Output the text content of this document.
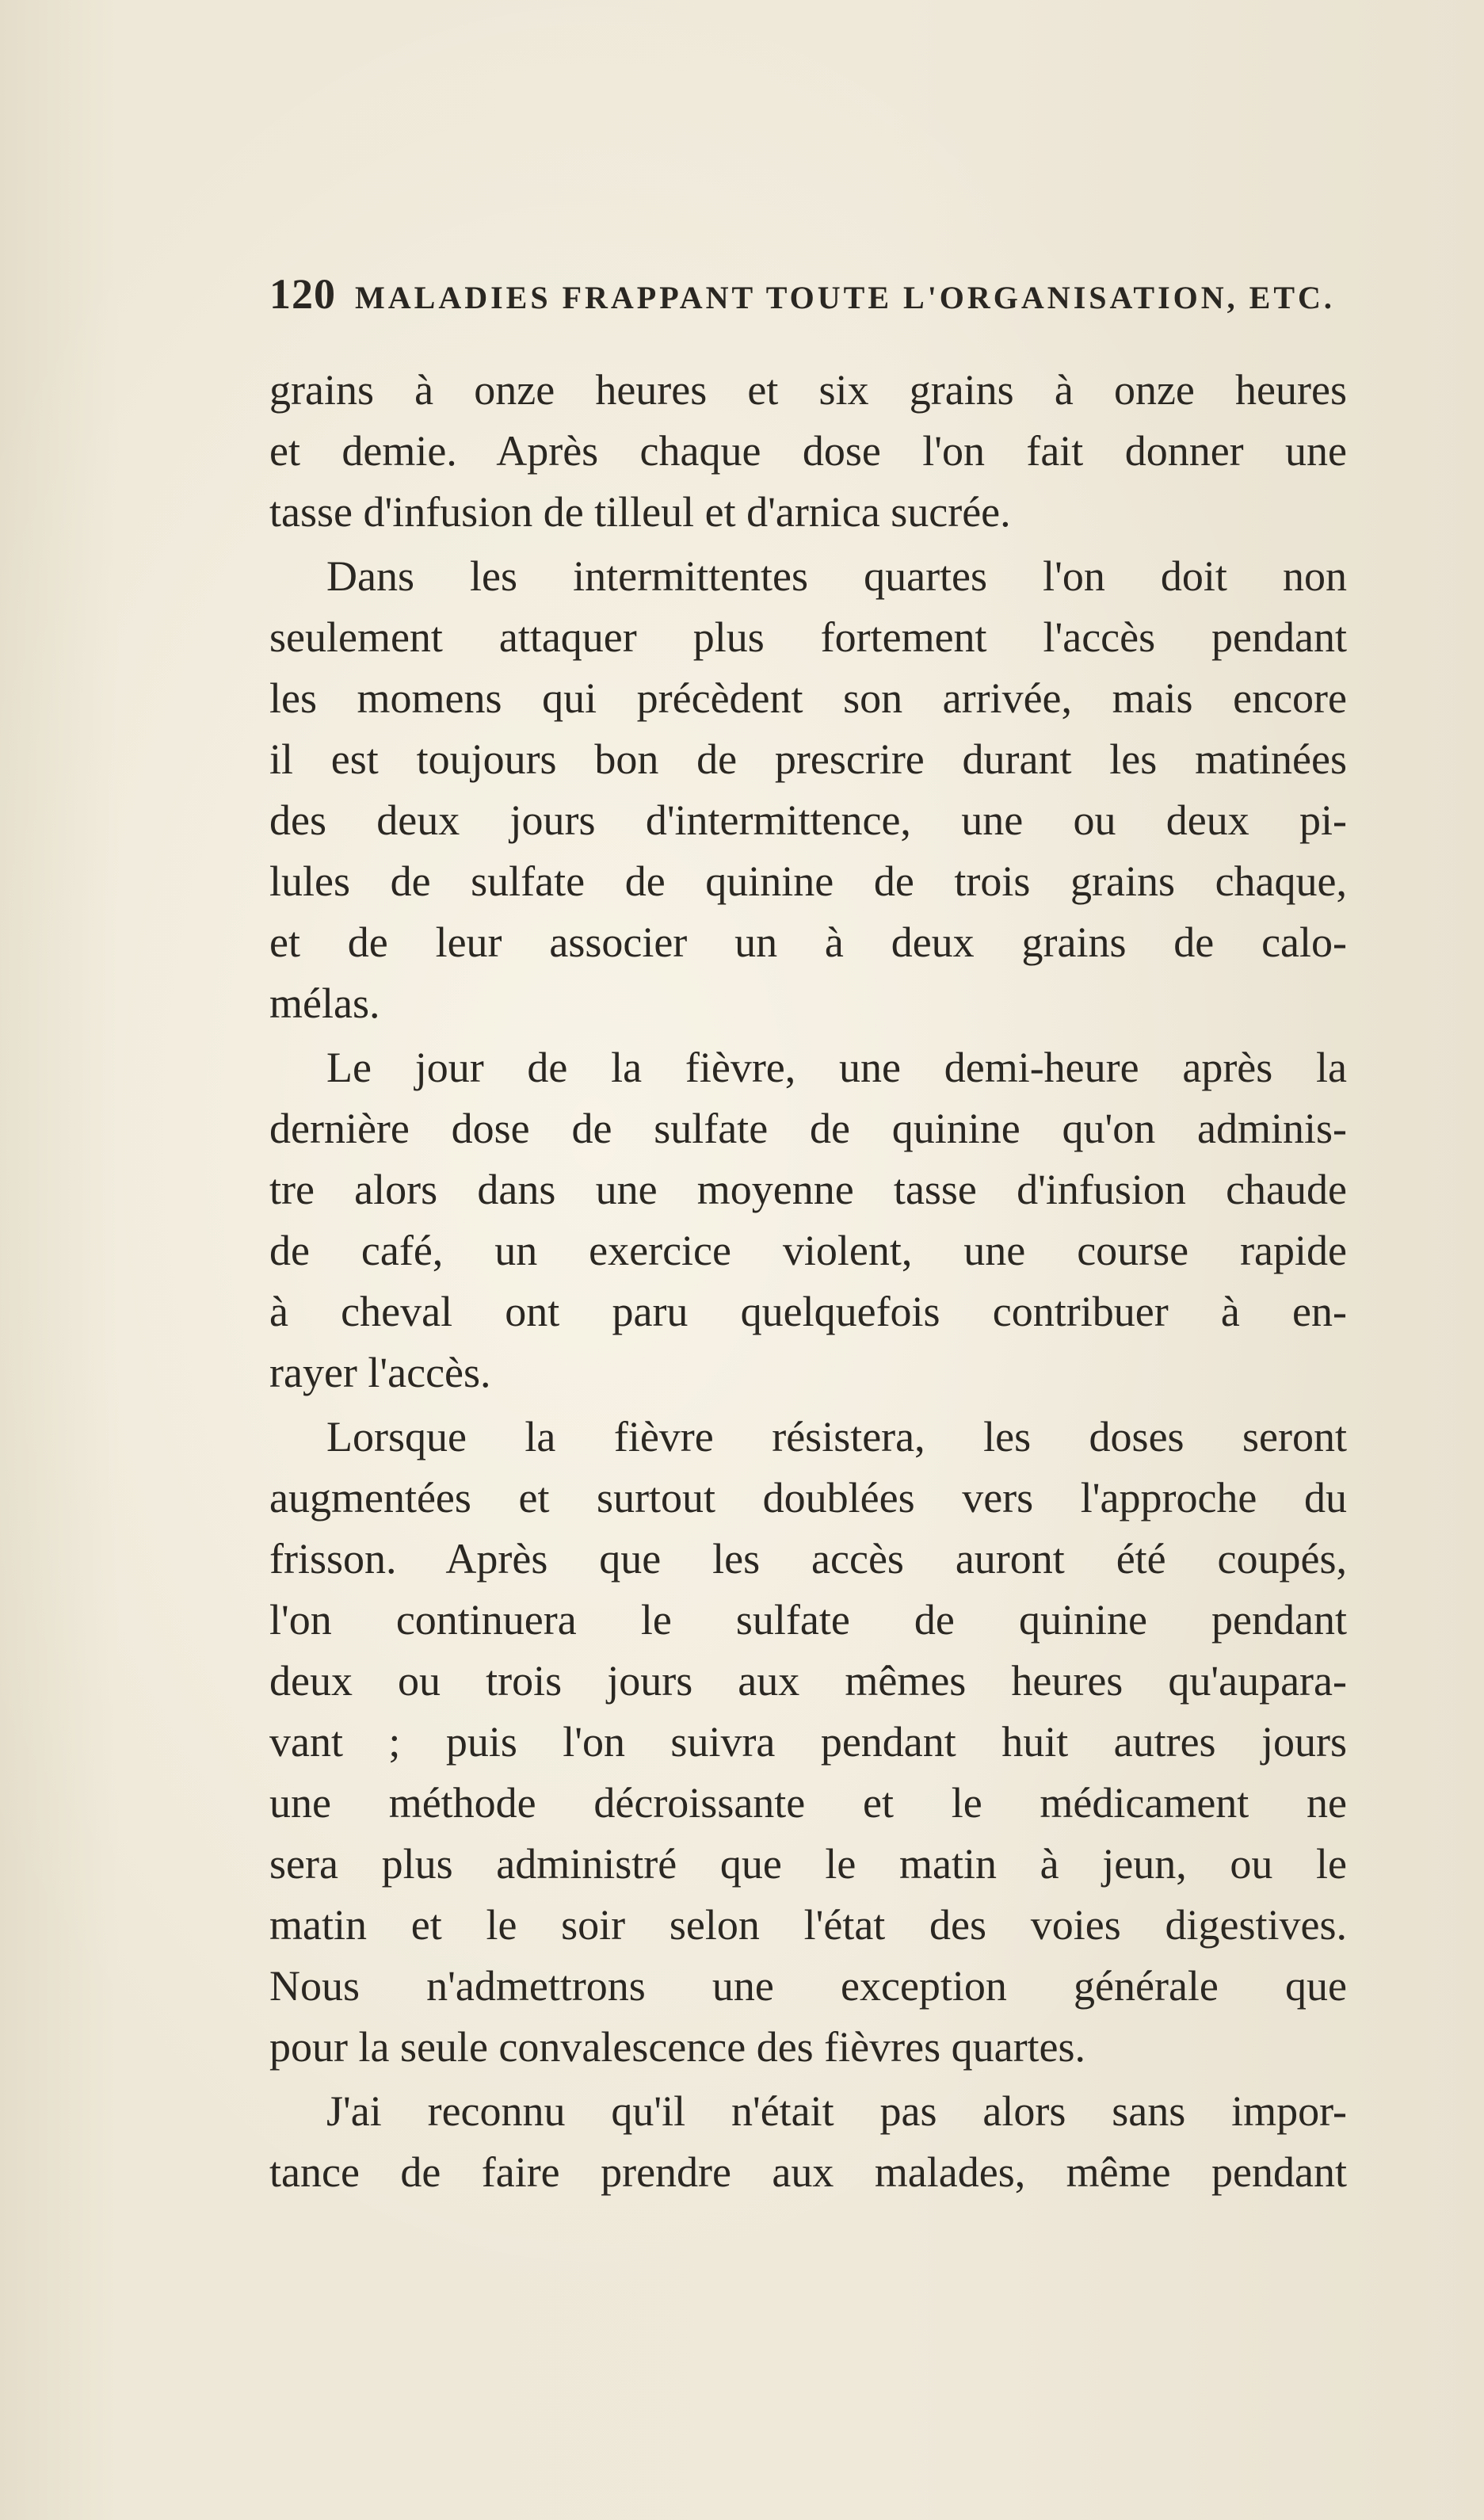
120 MALADIES FRAPPANT TOUTE L'ORGANISATION, ETC.
grains à onze heures et six grains à onze heures
et demie. Après chaque dose l'on fait donner une
tasse d'infusion de tilleul et d'arnica sucrée.
Dans les intermittentes quartes l'on doit non
seulement attaquer plus fortement l'accès pendant
les momens qui précèdent son arrivée, mais encore
il est toujours bon de prescrire durant les matinées
des deux jours d'intermittence, une ou deux pi-
lules de sulfate de quinine de trois grains chaque,
et de leur associer un à deux grains de calo-
mélas.
Le jour de la fièvre, une demi-heure après la
dernière dose de sulfate de quinine qu'on adminis-
tre alors dans une moyenne tasse d'infusion chaude
de café, un exercice violent, une course rapide
à cheval ont paru quelquefois contribuer à en-
rayer l'accès.
Lorsque la fièvre résistera, les doses seront
augmentées et surtout doublées vers l'approche du
frisson. Après que les accès auront été coupés,
l'on continuera le sulfate de quinine pendant
deux ou trois jours aux mêmes heures qu'aupara-
vant ; puis l'on suivra pendant huit autres jours
une méthode décroissante et le médicament ne
sera plus administré que le matin à jeun, ou le
matin et le soir selon l'état des voies digestives.
Nous n'admettrons une exception générale que
pour la seule convalescence des fièvres quartes.
J'ai reconnu qu'il n'était pas alors sans impor-
tance de faire prendre aux malades, même pendant
